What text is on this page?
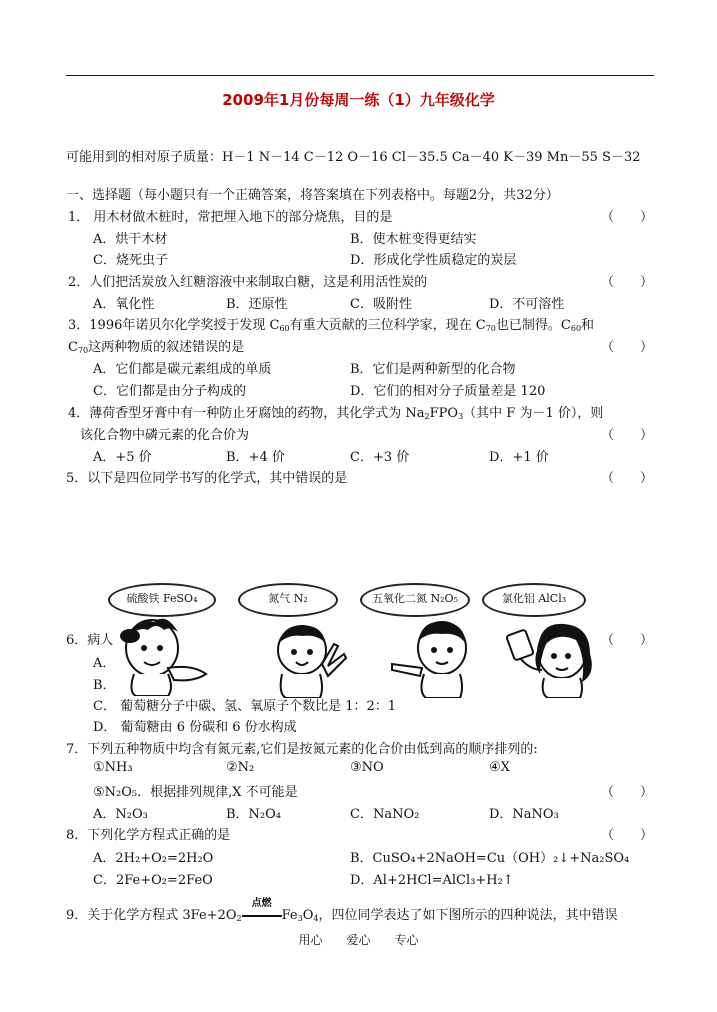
2009年1月份每周一练（1）九年级化学
可能用到的相对原子质量：H－1 N－14 C－12 O－16 Cl－35.5 Ca－40 K－39 Mn－55 S－32
一、选择题（每小题只有一个正确答案，将答案填在下列表格中。每题2分，共32分）
1． 用木材做木桩时，常把埋入地下的部分烧焦，目的是	（　　）
A．烘干木材	B．使木桩变得更结实
C．烧死虫子	D．形成化学性质稳定的炭层
2．人们把活炭放入红糖溶液中来制取白糖，这是利用活性炭的	（　　）
A．氧化性	B．还原性	C．吸附性	D．不可溶性
3．1996年诺贝尔化学奖授于发现 $C_{60}$有重大贡献的三位科学家，现在 $C_{70}$也已制得。$C_{60}$和
$C_{70}$这两种物质的叙述错误的是	（　　）
A．它们都是碳元素组成的单质	B．它们是两种新型的化合物
C．它们都是由分子构成的	D．它们的相对分子质量差是 120
4．薄荷香型牙膏中有一种防止牙腐蚀的药物，其化学式为 $Na_2FPO_3$（其中 F 为－1 价），则
该化合物中磷元素的化合价为	（　　）
A．+5 价	B．+4 价	C．+3 价	D．+1 价
5．以下是四位同学书写的化学式，其中错误的是	（　　）
硫酸铁 FeSO₄	氮气 N₂	五氧化二氮 N₂O₅	氯化铝 AlCl₃
6．病人	（　　）
A．
B．
C． 葡萄糖分子中碳、氢、氧原子个数比是 1：2：1
D． 葡萄糖由 6 份碳和 6 份水构成
7．下列五种物质中均含有氮元素,它们是按氮元素的化合价由低到高的顺序排列的:
①NH₃	②N₂	③NO	④X
⑤N₂O₅．根据排列规律,X 不可能是	（　　）
A．N₂O₃	B．N₂O₄	C．NaNO₂	D．NaNO₃
8．下列化学方程式正确的是	（　　）
A．2H₂+O₂=2H₂O	B．CuSO₄+2NaOH=Cu（OH）₂↓+Na₂SO₄
C．2Fe+O₂=2FeO	D．Al+2HCl=AlCl₃+H₂↑
9．关于化学方程式 $3Fe+2O_2$
点燃
$Fe_3O_4$，四位同学表达了如下图所示的四种说法，其中错误
用心　　爱心　　专心
